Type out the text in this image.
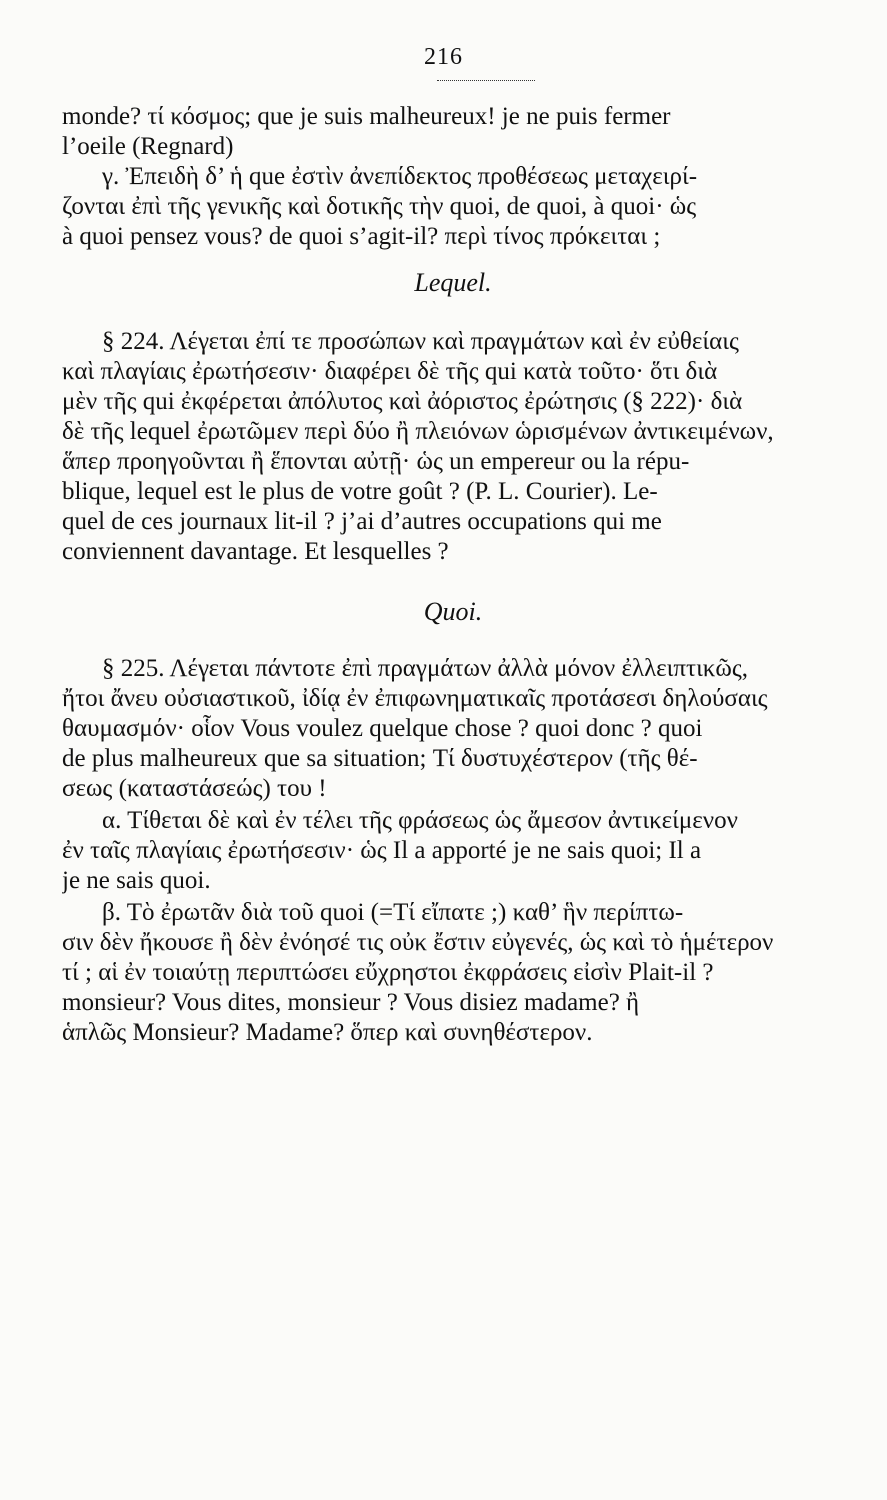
216
monde? τί κόσμος; que je suis malheureux! je ne puis fermer
l’oeile (Regnard)
γ. Ἐπειδὴ δ’ ἡ que ἐστὶν ἀνεπίδεκτος προθέσεως μεταχειρί-
ζονται ἐπὶ τῆς γενικῆς καὶ δοτικῆς τὴν quoi, de quoi, à quoi· ὡς
à quoi pensez vous? de quoi s’agit-il? περὶ τίνος πρόκειται ;
Lequel.
§ 224. Λέγεται ἐπί τε προσώπων καὶ πραγμάτων καὶ ἐν εὐθείαις
καὶ πλαγίαις ἐρωτήσεσιν· διαφέρει δὲ τῆς qui κατὰ τοῦτο· ὅτι διὰ
μὲν τῆς qui ἐκφέρεται ἀπόλυτος καὶ ἀόριστος ἐρώτησις (§ 222)· διὰ
δὲ τῆς lequel ἐρωτῶμεν περὶ δύο ἢ πλειόνων ὡρισμένων ἀντικειμένων,
ἅπερ προηγοῦνται ἢ ἕπονται αὐτῇ· ὡς un empereur ou la répu-
blique, lequel est le plus de votre goût ? (P. L. Courier). Le-
quel de ces journaux lit-il ? j’ai d’autres occupations qui me
conviennent davantage. Et lesquelles ?
Quoi.
§ 225. Λέγεται πάντοτε ἐπὶ πραγμάτων ἀλλὰ μόνον ἐλλειπτικῶς,
ἤτοι ἄνευ οὐσιαστικοῦ, ἰδίᾳ ἐν ἐπιφωνηματικαῖς προτάσεσι δηλούσαις
θαυμασμόν· οἷον Vous voulez quelque chose ? quoi donc ? quoi
de plus malheureux que sa situation; Τί δυστυχέστερον (τῆς θέ-
σεως (καταστάσεώς) του !
α. Τίθεται δὲ καὶ ἐν τέλει τῆς φράσεως ὡς ἄμεσον ἀντικείμενον
ἐν ταῖς πλαγίαις ἐρωτήσεσιν· ὡς Il a apporté je ne sais quoi; Il a
je ne sais quoi.
β. Τὸ ἐρωτᾶν διὰ τοῦ quoi (=Τί εἴπατε ;) καθ’ ἣν περίπτω-
σιν δὲν ἤκουσε ἢ δὲν ἐνόησέ τις οὐκ ἔστιν εὐγενές, ὡς καὶ τὸ ἡμέτερον
τί ; αἱ ἐν τοιαύτῃ περιπτώσει εὔχρηστοι ἐκφράσεις εἰσὶν Plait-il ?
monsieur? Vous dites, monsieur ? Vous disiez madame? ἢ
ἁπλῶς Monsieur? Madame? ὅπερ καὶ συνηθέστερον.
